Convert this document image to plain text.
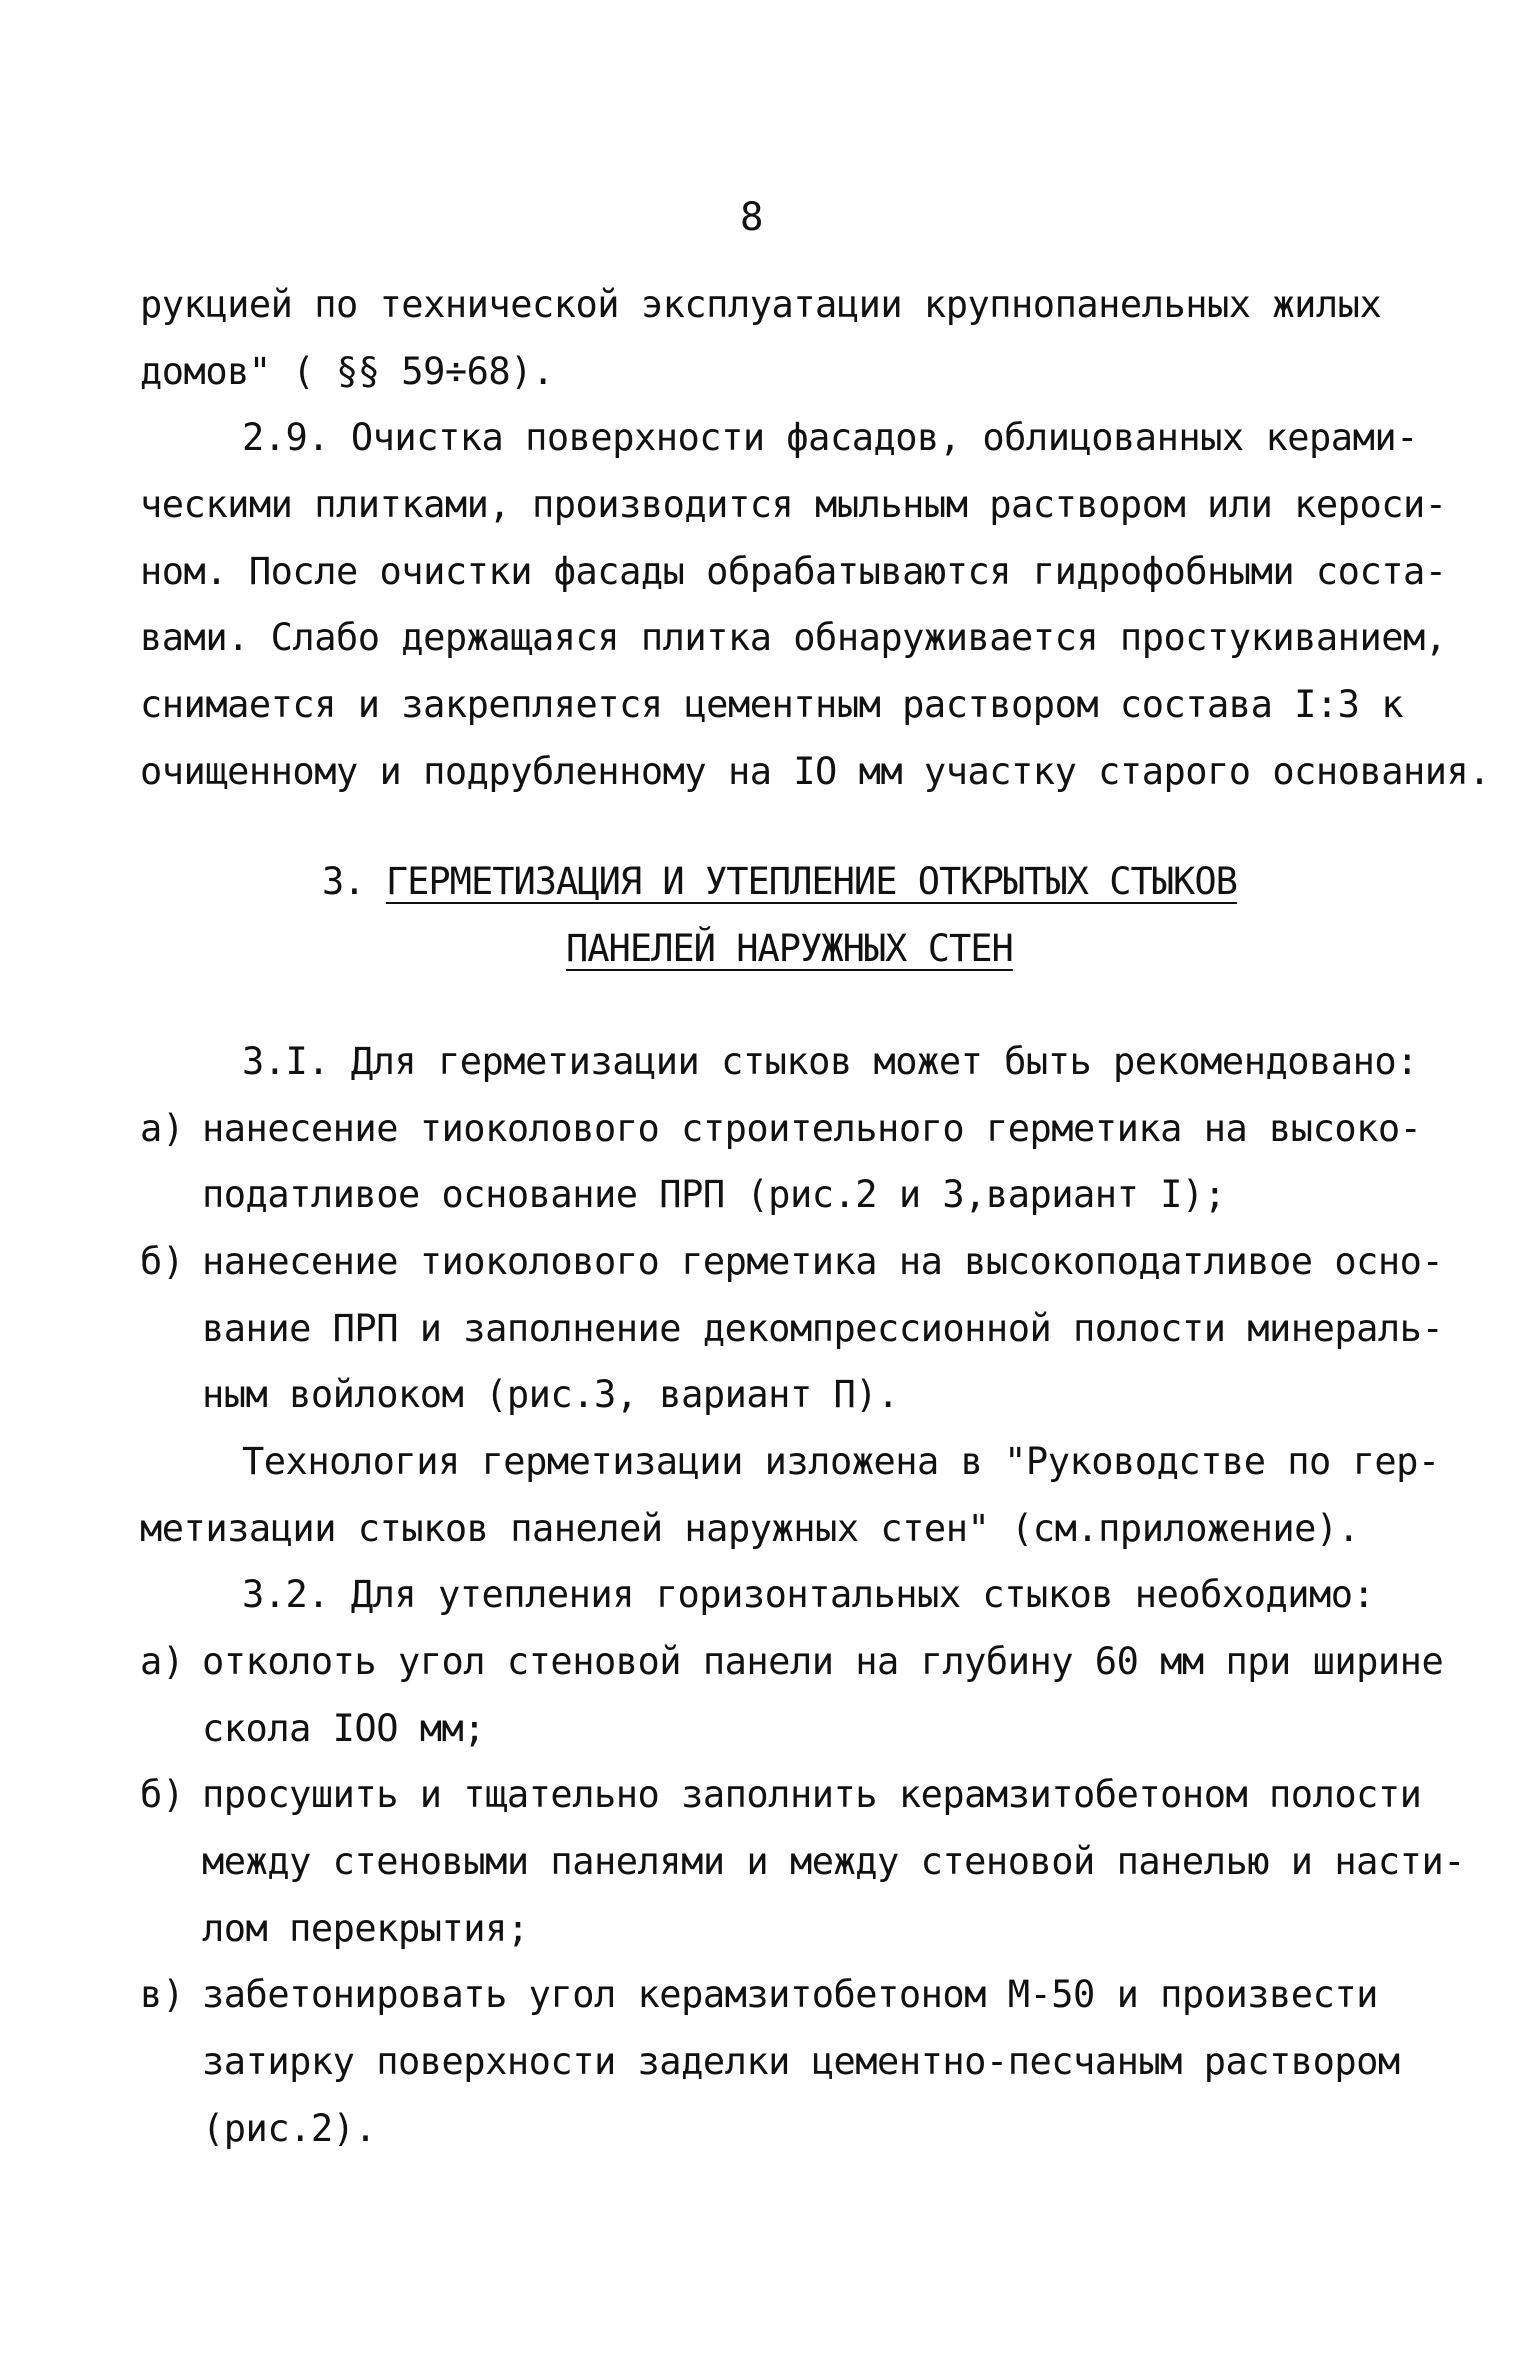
8
рукцией по технической эксплуатации крупнопанельных жилых
домов" ( §§ 59÷68).
2.9. Очистка поверхности фасадов, облицованных керами-
ческими плитками, производится мыльным раствором или кероси-
ном. После очистки фасады обрабатываются гидрофобными соста-
вами. Слабо держащаяся плитка обнаруживается простукиванием,
снимается и закрепляется цементным раствором состава I:3 к
очищенному и подрубленному на IO мм участку старого основания.
3. ГЕРМЕТИЗАЦИЯ И УТЕПЛЕНИЕ ОТКРЫТЫХ СТЫКОВ
ПАНЕЛЕЙ НАРУЖНЫХ СТЕН
3.I. Для герметизации стыков может быть рекомендовано:
а) нанесение тиоколового строительного герметика на высоко-
податливое основание ПРП (рис.2 и 3,вариант I);
б) нанесение тиоколового герметика на высокоподатливое осно-
вание ПРП и заполнение декомпрессионной полости минераль-
ным войлоком (рис.3, вариант П).
Технология герметизации изложена в "Руководстве по гер-
метизации стыков панелей наружных стен" (см.приложение).
3.2. Для утепления горизонтальных стыков необходимо:
а) отколоть угол стеновой панели на глубину 60 мм при ширине
скола IOO мм;
б) просушить и тщательно заполнить керамзитобетоном полости
между стеновыми панелями и между стеновой панелью и насти-
лом перекрытия;
в) забетонировать угол керамзитобетоном М-50 и произвести
затирку поверхности заделки цементно-песчаным раствором
(рис.2).
